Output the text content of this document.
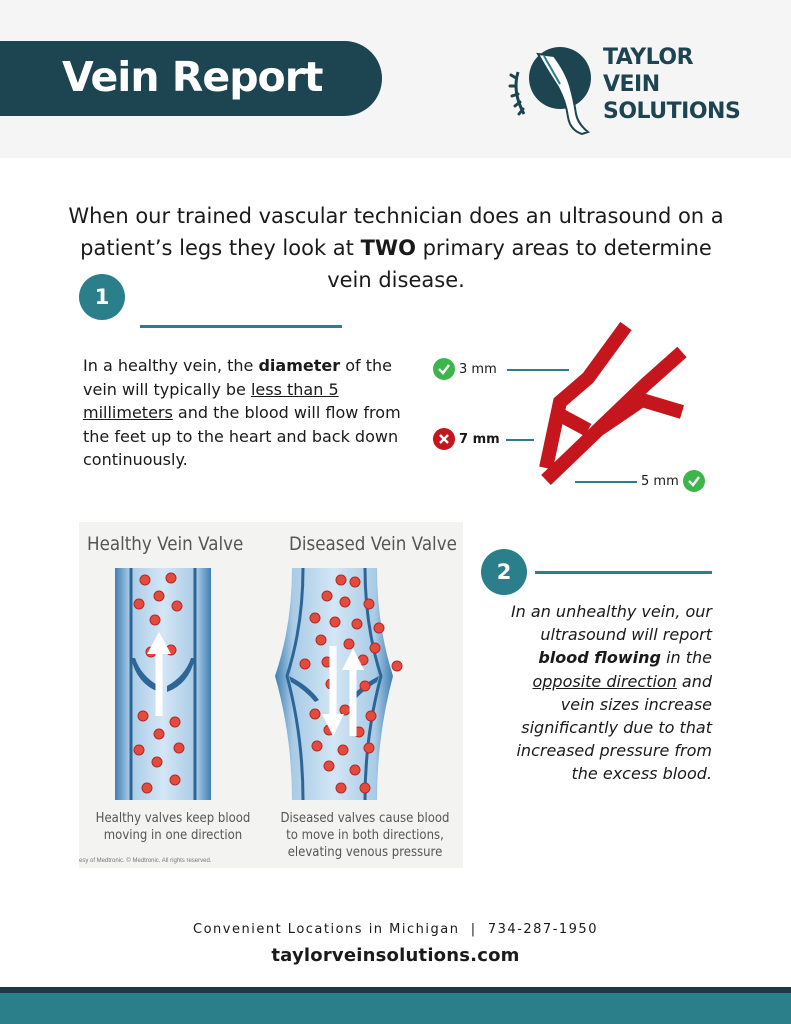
Vein Report	TAYLOR
VEIN
SOLUTIONS
When our trained vascular technician does an ultrasound on a patient’s legs they look at TWO primary areas to determine vein disease.
1
In a healthy vein, the diameter of the vein will typically be less than 5 millimeters and the blood will flow from the feet up to the heart and back down continuously.
3 mm
7 mm
5 mm
Healthy Vein Valve Diseased Vein Valve
Healthy valves keep blood
moving in one direction
Diseased valves cause blood
to move in both directions,
elevating venous pressure
esy of Medtronic. © Medtronic. All rights reserved.
2
In an unhealthy vein, our ultrasound will report blood flowing in the opposite direction and vein sizes increase significantly due to that increased pressure from the excess blood.
Convenient Locations in Michigan  |  734-287-1950
taylorveinsolutions.com
